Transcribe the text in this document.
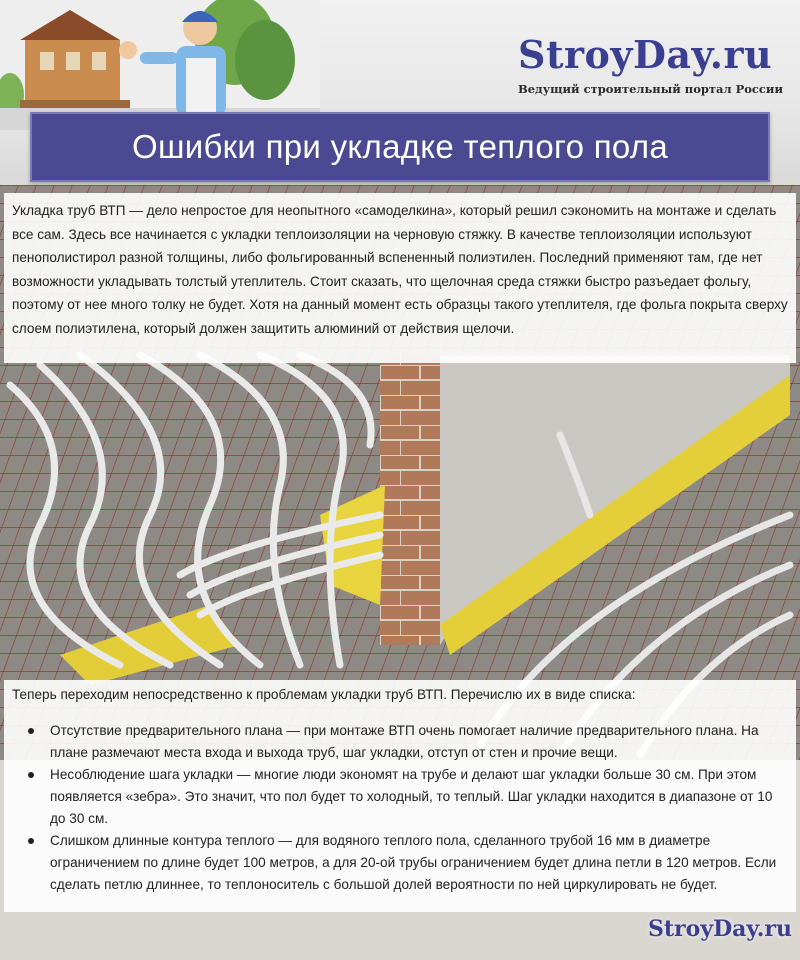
StroyDay.ru
Ведущий строительный портал России
Ошибки при укладке теплого пола

Укладка труб ВТП — дело непростое для неопытного «самоделкина», который решил сэкономить на монтаже и сделать все сам. Здесь все начинается с укладки теплоизоляции на черновую стяжку. В качестве теплоизоляции используют пенополистирол разной толщины, либо фольгированный вспененный полиэтилен. Последний применяют там, где нет возможности укладывать толстый утеплитель. Стоит сказать, что щелочная среда стяжки быстро разъедает фольгу, поэтому от нее много толку не будет. Хотя на данный момент есть образцы такого утеплителя, где фольга покрыта сверху слоем полиэтилена, который должен защитить алюминий от действия щелочи.

Теперь переходим непосредственно к проблемам укладки труб ВТП. Перечислю их в виде списка:

Отсутствие предварительного плана — при монтаже ВТП очень помогает наличие предварительного плана. На плане размечают места входа и выхода труб, шаг укладки, отступ от стен и прочие вещи.
Несоблюдение шага укладки — многие люди экономят на трубе и делают шаг укладки больше 30 см. При этом появляется «зебра». Это значит, что пол будет то холодный, то теплый. Шаг укладки находится в диапазоне от 10 до 30 см.
Слишком длинные контура теплого — для водяного теплого пола, сделанного трубой 16 мм в диаметре ограничением по длине будет 100 метров, а для 20-ой трубы ограничением будет длина петли в 120 метров. Если сделать петлю длиннее, то теплоноситель с большой долей вероятности по ней циркулировать не будет.
StroyDay.ru
